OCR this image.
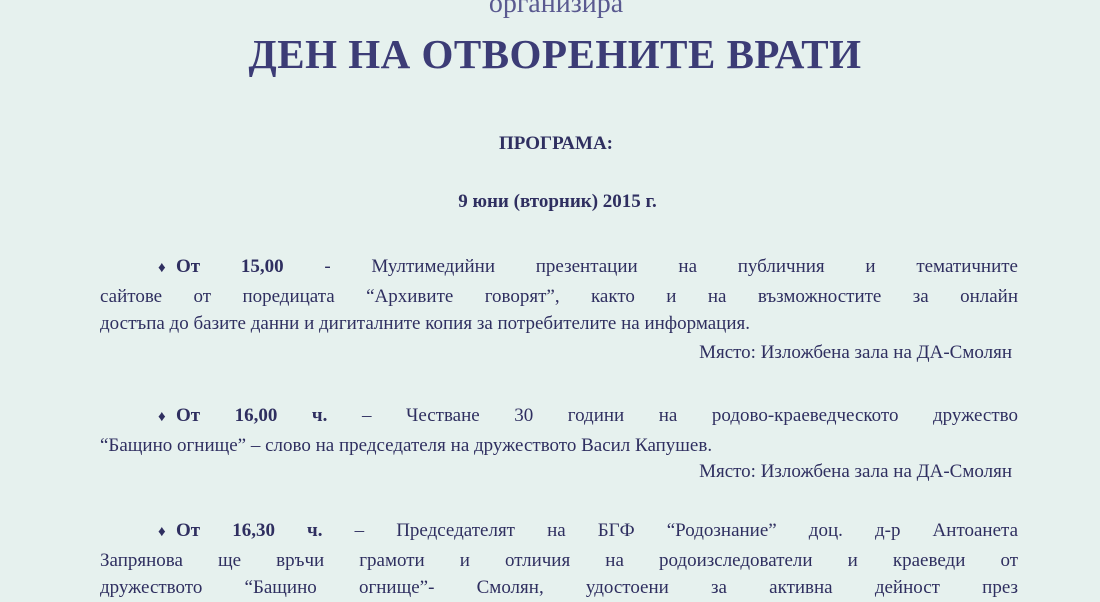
организира
ДЕН НА ОТВОРЕНИТЕ ВРАТИ
ПРОГРАМА:
9 юни (вторник) 2015 г.
♦ От 15,00 - Мултимедийни презентации на публичния и тематичните
сайтове от поредицата “Архивите говорят”, както и на възможностите за онлайн
достъпа до базите данни и дигиталните копия за потребителите на информация.
Място: Изложбена зала на ДА-Смолян
♦ От 16,00 ч. – Честване 30 години на родово-краеведческото дружество
“Бащино огнище” – слово на председателя на дружеството Васил Капушев.
Място: Изложбена зала на ДА-Смолян
♦ От 16,30 ч. – Председателят на БГФ “Родознание” доц. д-р Антоанета
Запрянова ще връчи грамоти и отличия на родоизследователи и краеведи от
дружеството “Бащино огнище”- Смолян, удостоени за активна дейност през
